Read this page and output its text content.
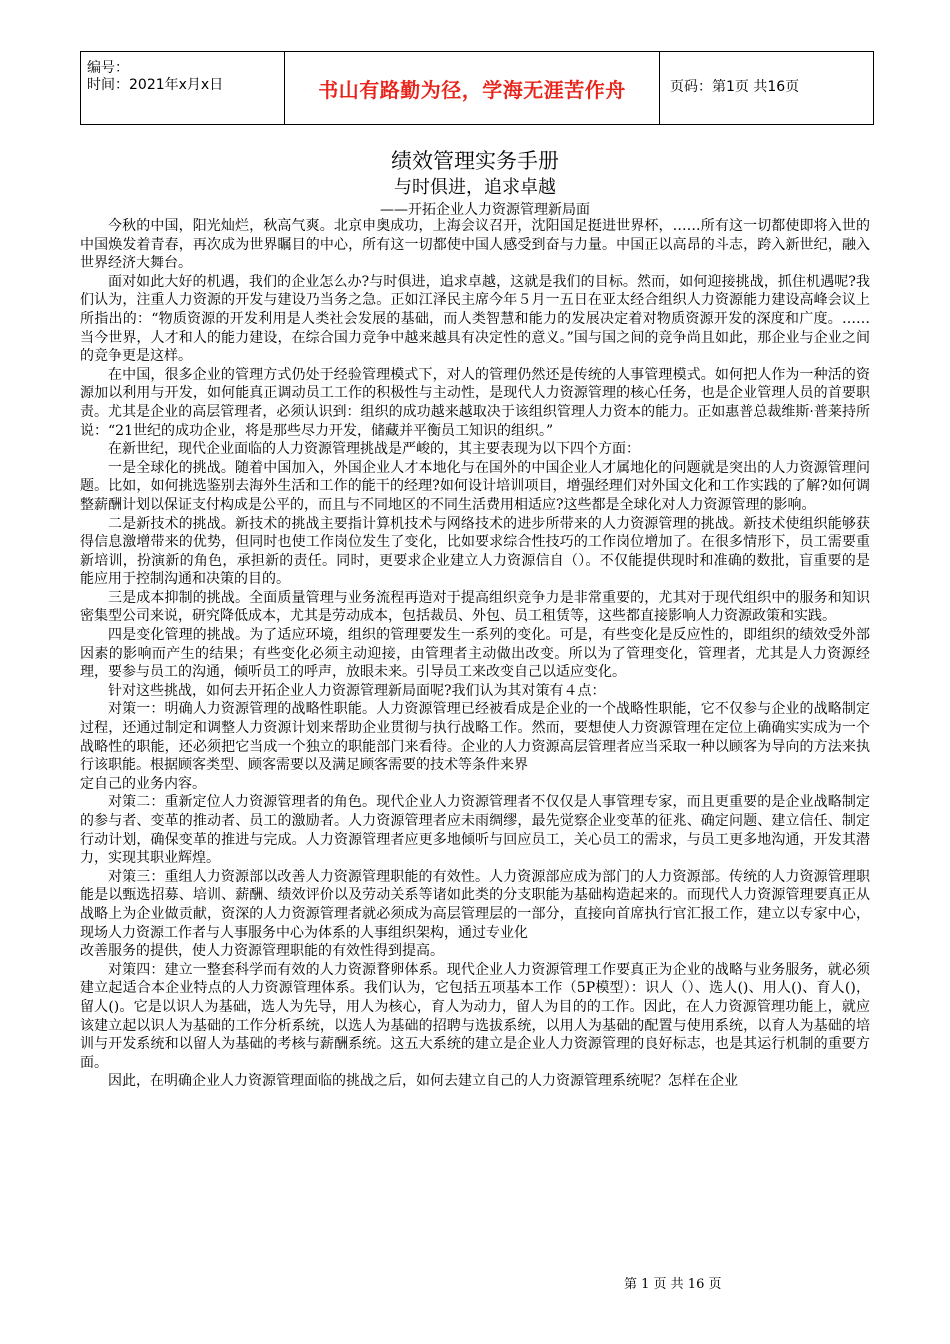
编号：
时间：2021年x月x日	书山有路勤为径，学海无涯苦作舟	页码：第1页 共16页
绩效管理实务手册
与时俱进，追求卓越
——开拓企业人力资源管理新局面

今秋的中国，阳光灿烂，秋高气爽。北京申奥成功，上海会议召开，沈阳国足挺进世界杯，……所有这一切都使即将入世的中国焕发着青春，再次成为世界瞩目的中心，所有这一切都使中国人感受到奋与力量。中国正以高昂的斗志，跨入新世纪，融入世界经济大舞台。

面对如此大好的机遇，我们的企业怎么办?与时俱进，追求卓越，这就是我们的目标。然而，如何迎接挑战，抓住机遇呢?我们认为，注重人力资源的开发与建设乃当务之急。正如江泽民主席今年５月一五日在亚太经合组织人力资源能力建设高峰会议上所指出的：“物质资源的开发利用是人类社会发展的基础，而人类智慧和能力的发展决定着对物质资源开发的深度和广度。……当今世界，人才和人的能力建设，在综合国力竞争中越来越具有决定性的意义。”国与国之间的竞争尚且如此，那企业与企业之间的竞争更是这样。

在中国，很多企业的管理方式仍处于经验管理模式下，对人的管理仍然还是传统的人事管理模式。如何把人作为一种活的资源加以利用与开发，如何能真正调动员工工作的积极性与主动性，是现代人力资源管理的核心任务，也是企业管理人员的首要职责。尤其是企业的高层管理者，必须认识到：组织的成功越来越取决于该组织管理人力资本的能力。正如惠普总裁维斯·普莱持所说：“21世纪的成功企业，将是那些尽力开发，储藏并平衡员工知识的组织。”

在新世纪，现代企业面临的人力资源管理挑战是严峻的，其主要表现为以下四个方面：

一是全球化的挑战。随着中国加入，外国企业人才本地化与在国外的中国企业人才属地化的问题就是突出的人力资源管理问题。比如，如何挑选鉴别去海外生活和工作的能干的经理?如何设计培训项目，增强经理们对外国文化和工作实践的了解?如何调整薪酬计划以保证支付构成是公平的，而且与不同地区的不同生活费用相适应?这些都是全球化对人力资源管理的影响。

二是新技术的挑战。新技术的挑战主要指计算机技术与网络技术的进步所带来的人力资源管理的挑战。新技术使组织能够获得信息激增带来的优势，但同时也使工作岗位发生了变化，比如要求综合性技巧的工作岗位增加了。在很多情形下，员工需要重新培训，扮演新的角色，承担新的责任。同时，更要求企业建立人力资源信自（）。不仅能提供现时和准确的数批，盲重要的是能应用于控制沟通和决策的目的。

三是成本抑制的挑战。全面质量管理与业务流程再造对于提高组织竞争力是非常重要的，尤其对于现代组织中的服务和知识密集型公司来说，研究降低成本，尤其是劳动成本，包括裁员、外包、员工租赁等，这些都直接影响人力资源政策和实践。

四是变化管理的挑战。为了适应环境，组织的管理要发生一系列的变化。可是，有些变化是反应性的，即组织的绩效受外部因素的影响而产生的结果；有些变化必须主动迎接，由管理者主动做出改变。所以为了管理变化，管理者，尤其是人力资源经理，要参与员工的沟通，倾听员工的呼声，放眼未来。引导员工来改变自己以适应变化。

针对这些挑战，如何去开拓企业人力资源管理新局面呢?我们认为其对策有４点：

对策一：明确人力资源管理的战略性职能。人力资源管理已经被看成是企业的一个战略性职能，它不仅参与企业的战略制定过程，还通过制定和调整人力资源计划来帮助企业贯彻与执行战略工作。然而，要想使人力资源管理在定位上确确实实成为一个战略性的职能，还必须把它当成一个独立的职能部门来看待。企业的人力资源高层管理者应当采取一种以顾客为导向的方法来执行该职能。根据顾客类型、顾客需要以及满足顾客需要的技术等条件来界

定自己的业务内容。

对策二：重新定位人力资源管理者的角色。现代企业人力资源管理者不仅仅是人事管理专家，而且更重要的是企业战略制定的参与者、变革的推动者、员工的激励者。人力资源管理者应未雨绸缪，最先觉察企业变革的征兆、确定问题、建立信任、制定行动计划，确保变革的推进与完成。人力资源管理者应更多地倾听与回应员工，关心员工的需求，与员工更多地沟通，开发其潜力，实现其职业辉煌。

对策三：重组人力资源部以改善人力资源管理职能的有效性。人力资源部应成为部门的人力资源部。传统的人力资源管理职能是以甄选招募、培训、薪酬、绩效评价以及劳动关系等诸如此类的分支职能为基础构造起来的。而现代人力资源管理要真正从战略上为企业做贡献，资深的人力资源管理者就必须成为高层管理层的一部分，直接向首席执行官汇报工作，建立以专家中心，现场人力资源工作者与人事服务中心为体系的人事组织架构，通过专业化

改善服务的提供，使人力资源管理职能的有效性得到提高。

对策四：建立一整套科学而有效的人力资源瞀卵体系。现代企业人力资源管理工作要真正为企业的战略与业务服务，就必须建立起适合本企业特点的人力资源管理体系。我们认为，它包括五项基本工作（5P模型）：识人（）、选人()、用人()、育人()，留人()。它是以识人为基础，选人为先导，用人为核心，育人为动力，留人为目的的工作。因此，在人力资源管理功能上，就应该建立起以识人为基础的工作分析系统，以选人为基础的招聘与选拔系统，以用人为基础的配置与使用系统，以育人为基础的培训与开发系统和以留人为基础的考核与薪酬系统。这五大系统的建立是企业人力资源管理的良好标志，也是其运行机制的重要方面。

因此，在明确企业人力资源管理面临的挑战之后，如何去建立自己的人力资源管理系统呢？怎样在企业

第 1 页 共 16 页
